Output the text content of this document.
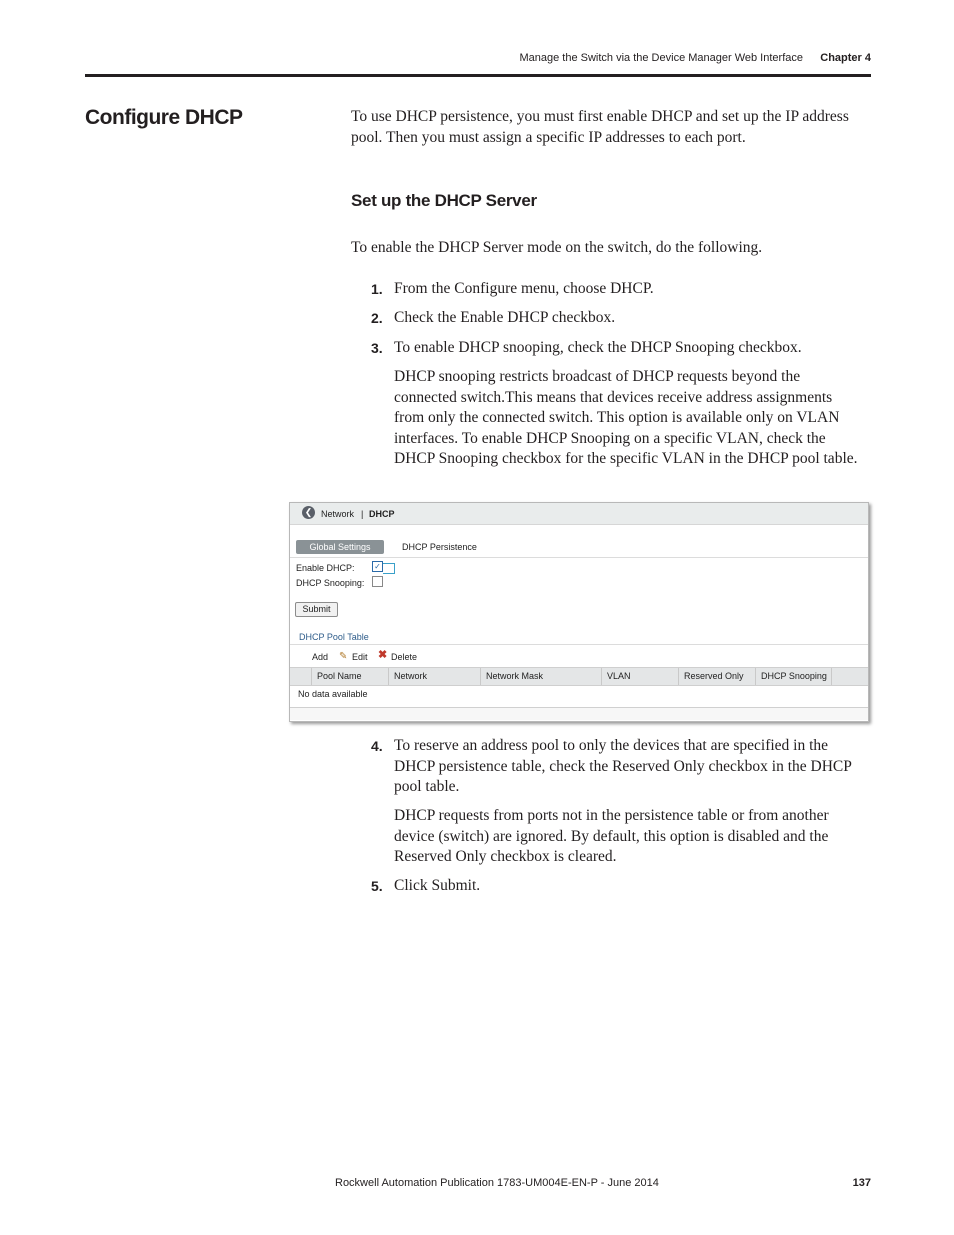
Manage the Switch via the Device Manager Web Interface Chapter 4
Configure DHCP	To use DHCP persistence, you must first enable DHCP and set up the IP address pool. Then you must assign a specific IP addresses to each port.
Set up the DHCP Server
To enable the DHCP Server mode on the switch, do the following.
1. From the Configure menu, choose DHCP.
2. Check the Enable DHCP checkbox.
3. To enable DHCP snooping, check the DHCP Snooping checkbox.
DHCP snooping restricts broadcast of DHCP requests beyond the connected switch.This means that devices receive address assignments from only the connected switch. This option is available only on VLAN interfaces. To enable DHCP Snooping on a specific VLAN, check the DHCP Snooping checkbox for the specific VLAN in the DHCP pool table.
❮ Network | DHCP
Global Settings	DHCP Persistence
Enable DHCP: ✓
DHCP Snooping:
Submit
DHCP Pool Table
Add ✎ Edit ✖ Delete
Pool Name	Network	Network Mask	VLAN	Reserved Only	DHCP Snooping
No data available
4. To reserve an address pool to only the devices that are specified in the DHCP persistence table, check the Reserved Only checkbox in the DHCP pool table.
DHCP requests from ports not in the persistence table or from another device (switch) are ignored. By default, this option is disabled and the Reserved Only checkbox is cleared.
5. Click Submit.
Rockwell Automation Publication 1783-UM004E-EN-P - June 2014	137
